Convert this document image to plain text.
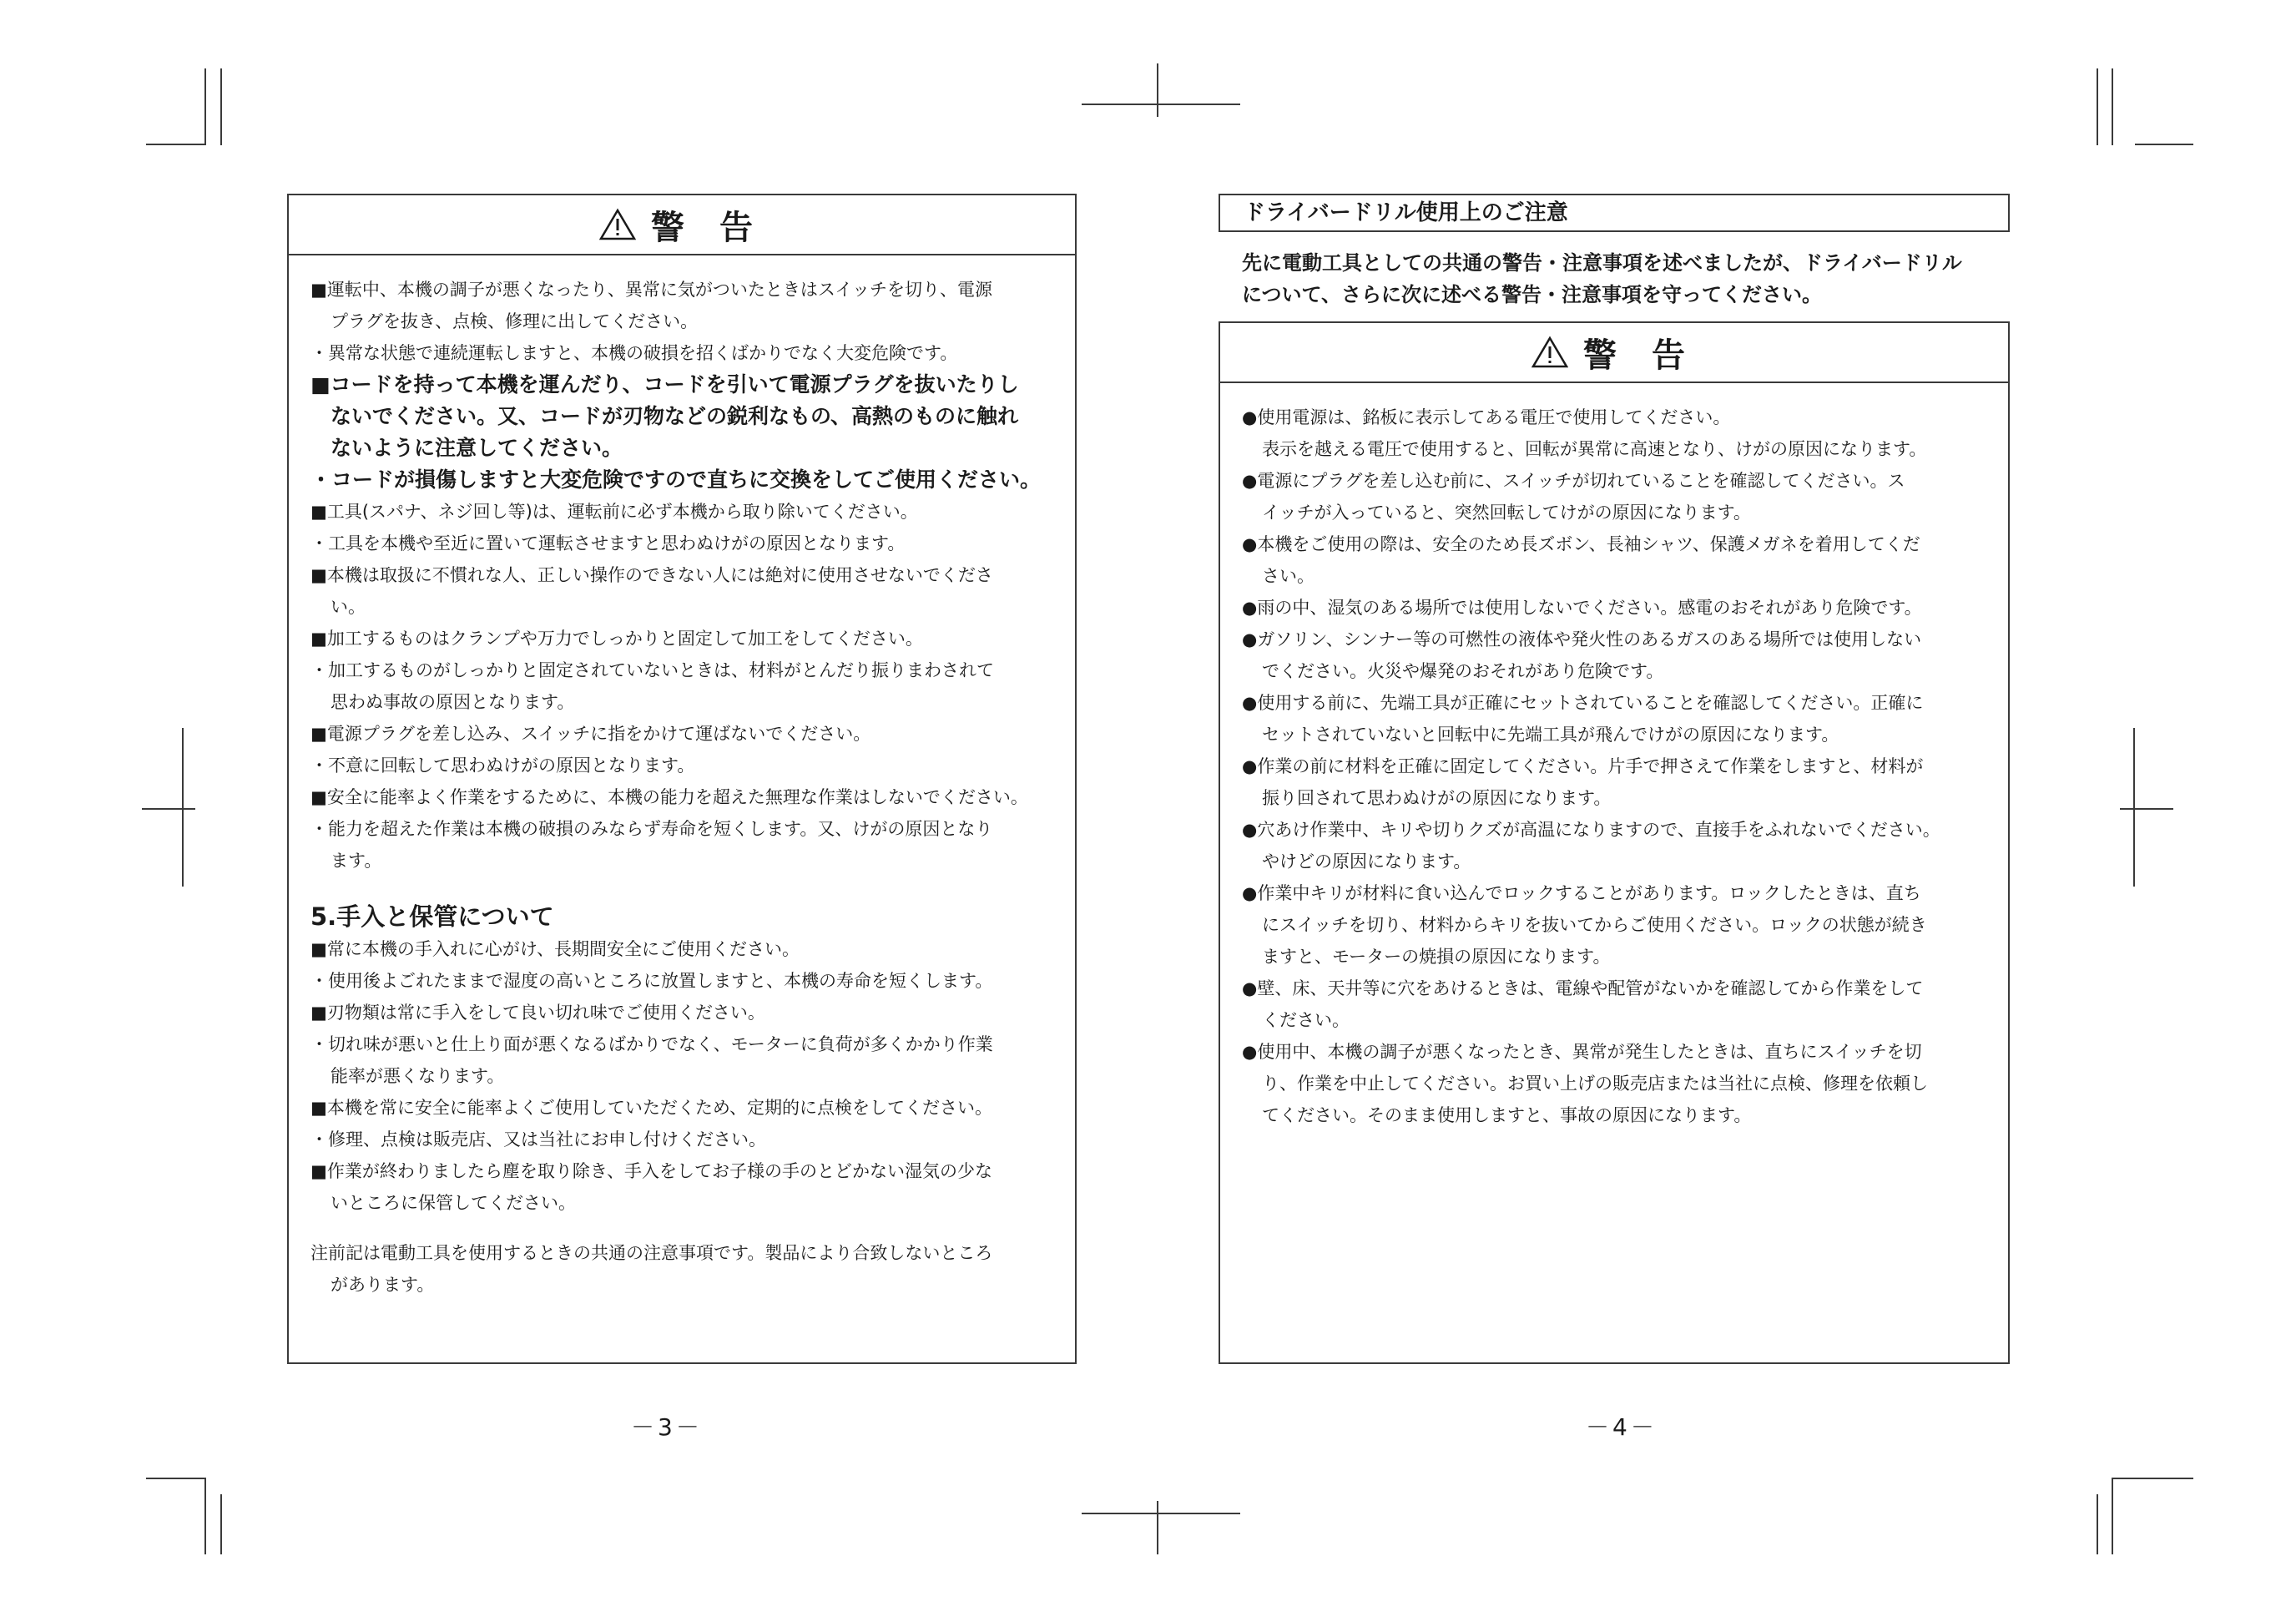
警 告
■運転中、本機の調子が悪くなったり、異常に気がついたときはスイッチを切り、電源
プラグを抜き、点検、修理に出してください。
・異常な状態で連続運転しますと、本機の破損を招くばかりでなく大変危険です。
■コードを持って本機を運んだり、コードを引いて電源プラグを抜いたりし
ないでください。又、コードが刃物などの鋭利なもの、高熱のものに触れ
ないように注意してください。
・コードが損傷しますと大変危険ですので直ちに交換をしてご使用ください。
■工具(スパナ、ネジ回し等)は、運転前に必ず本機から取り除いてください。
・工具を本機や至近に置いて運転させますと思わぬけがの原因となります。
■本機は取扱に不慣れな人、正しい操作のできない人には絶対に使用させないでくださ
い。
■加工するものはクランプや万力でしっかりと固定して加工をしてください。
・加工するものがしっかりと固定されていないときは、材料がとんだり振りまわされて
思わぬ事故の原因となります。
■電源プラグを差し込み、スイッチに指をかけて運ばないでください。
・不意に回転して思わぬけがの原因となります。
■安全に能率よく作業をするために、本機の能力を超えた無理な作業はしないでください。
・能力を超えた作業は本機の破損のみならず寿命を短くします。又、けがの原因となり
ます。
5.手入と保管について
■常に本機の手入れに心がけ、長期間安全にご使用ください。
・使用後よごれたままで湿度の高いところに放置しますと、本機の寿命を短くします。
■刃物類は常に手入をして良い切れ味でご使用ください。
・切れ味が悪いと仕上り面が悪くなるばかりでなく、モーターに負荷が多くかかり作業
能率が悪くなります。
■本機を常に安全に能率よくご使用していただくため、定期的に点検をしてください。
・修理、点検は販売店、又は当社にお申し付けください。
■作業が終わりましたら塵を取り除き、手入をしてお子様の手のとどかない湿気の少な
いところに保管してください。
注前記は電動工具を使用するときの共通の注意事項です。製品により合致しないところ
があります。
－3－
ドライバードリル使用上のご注意
先に電動工具としての共通の警告・注意事項を述べましたが、ドライバードリル
について、さらに次に述べる警告・注意事項を守ってください。
警 告
●使用電源は、銘板に表示してある電圧で使用してください。
表示を越える電圧で使用すると、回転が異常に高速となり、けがの原因になります。
●電源にプラグを差し込む前に、スイッチが切れていることを確認してください。ス
イッチが入っていると、突然回転してけがの原因になります。
●本機をご使用の際は、安全のため長ズボン、長袖シャツ、保護メガネを着用してくだ
さい。
●雨の中、湿気のある場所では使用しないでください。感電のおそれがあり危険です。
●ガソリン、シンナー等の可燃性の液体や発火性のあるガスのある場所では使用しない
でください。火災や爆発のおそれがあり危険です。
●使用する前に、先端工具が正確にセットされていることを確認してください。正確に
セットされていないと回転中に先端工具が飛んでけがの原因になります。
●作業の前に材料を正確に固定してください。片手で押さえて作業をしますと、材料が
振り回されて思わぬけがの原因になります。
●穴あけ作業中、キリや切りクズが高温になりますので、直接手をふれないでください。
やけどの原因になります。
●作業中キリが材料に食い込んでロックすることがあります。ロックしたときは、直ち
にスイッチを切り、材料からキリを抜いてからご使用ください。ロックの状態が続き
ますと、モーターの焼損の原因になります。
●壁、床、天井等に穴をあけるときは、電線や配管がないかを確認してから作業をして
ください。
●使用中、本機の調子が悪くなったとき、異常が発生したときは、直ちにスイッチを切
り、作業を中止してください。お買い上げの販売店または当社に点検、修理を依頼し
てください。そのまま使用しますと、事故の原因になります。
－4－
